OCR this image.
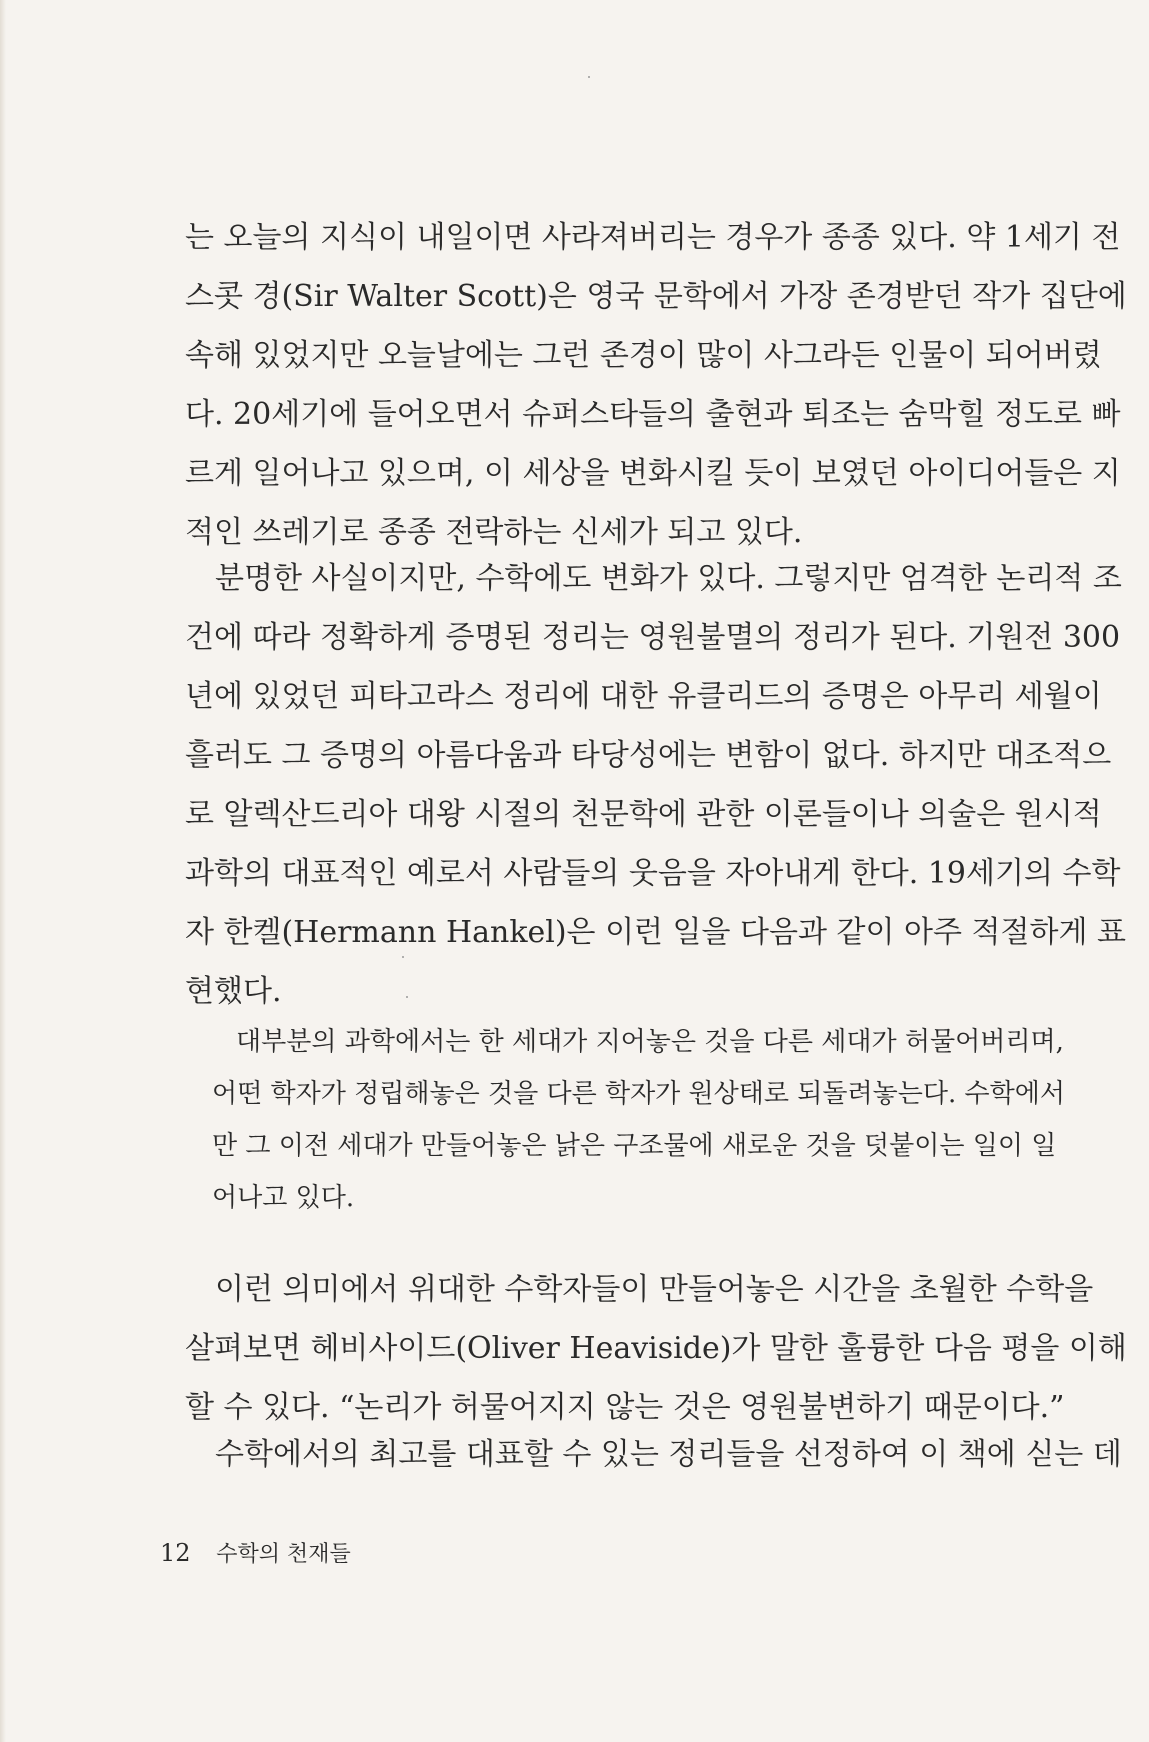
는 오늘의 지식이 내일이면 사라져버리는 경우가 종종 있다. 약 1세기 전
스콧 경(Sir Walter Scott)은 영국 문학에서 가장 존경받던 작가 집단에
속해 있었지만 오늘날에는 그런 존경이 많이 사그라든 인물이 되어버렸
다. 20세기에 들어오면서 슈퍼스타들의 출현과 퇴조는 숨막힐 정도로 빠
르게 일어나고 있으며, 이 세상을 변화시킬 듯이 보였던 아이디어들은 지
적인 쓰레기로 종종 전락하는 신세가 되고 있다.
분명한 사실이지만, 수학에도 변화가 있다. 그렇지만 엄격한 논리적 조
건에 따라 정확하게 증명된 정리는 영원불멸의 정리가 된다. 기원전 300
년에 있었던 피타고라스 정리에 대한 유클리드의 증명은 아무리 세월이
흘러도 그 증명의 아름다움과 타당성에는 변함이 없다. 하지만 대조적으
로 알렉산드리아 대왕 시절의 천문학에 관한 이론들이나 의술은 원시적
과학의 대표적인 예로서 사람들의 웃음을 자아내게 한다. 19세기의 수학
자 한켈(Hermann Hankel)은 이런 일을 다음과 같이 아주 적절하게 표
현했다.
대부분의 과학에서는 한 세대가 지어놓은 것을 다른 세대가 허물어버리며,
어떤 학자가 정립해놓은 것을 다른 학자가 원상태로 되돌려놓는다. 수학에서
만 그 이전 세대가 만들어놓은 낡은 구조물에 새로운 것을 덧붙이는 일이 일
어나고 있다.
이런 의미에서 위대한 수학자들이 만들어놓은 시간을 초월한 수학을
살펴보면 헤비사이드(Oliver Heaviside)가 말한 훌륭한 다음 평을 이해
할 수 있다. “논리가 허물어지지 않는 것은 영원불변하기 때문이다.”
수학에서의 최고를 대표할 수 있는 정리들을 선정하여 이 책에 싣는 데
12 수학의 천재들
